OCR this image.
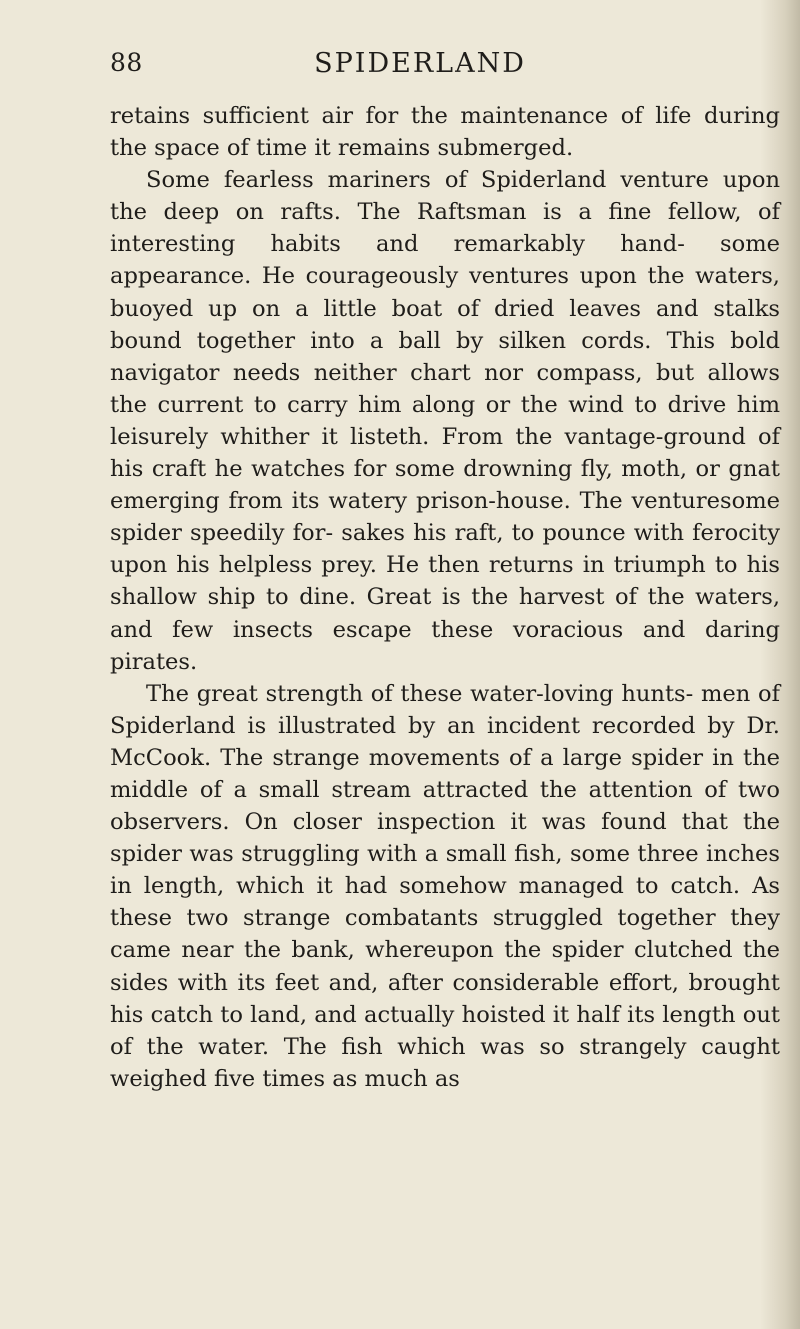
88	SPIDERLAND

retains sufficient air for the maintenance of life during the space of time it remains submerged.

Some fearless mariners of Spiderland venture upon the deep on rafts. The Raftsman is a fine fellow, of interesting habits and remarkably hand- some appearance. He courageously ventures upon the waters, buoyed up on a little boat of dried leaves and stalks bound together into a ball by silken cords. This bold navigator needs neither chart nor compass, but allows the current to carry him along or the wind to drive him leisurely whither it listeth. From the vantage-ground of his craft he watches for some drowning fly, moth, or gnat emerging from its watery prison-house. The venturesome spider speedily for- sakes his raft, to pounce with ferocity upon his helpless prey. He then returns in triumph to his shallow ship to dine. Great is the harvest of the waters, and few insects escape these voracious and daring pirates.

The great strength of these water-loving hunts- men of Spiderland is illustrated by an incident recorded by Dr. McCook. The strange movements of a large spider in the middle of a small stream attracted the attention of two observers. On closer inspection it was found that the spider was struggling with a small fish, some three inches in length, which it had somehow managed to catch. As these two strange combatants struggled together they came near the bank, whereupon the spider clutched the sides with its feet and, after considerable effort, brought his catch to land, and actually hoisted it half its length out of the water. The fish which was so strangely caught weighed five times as much as
